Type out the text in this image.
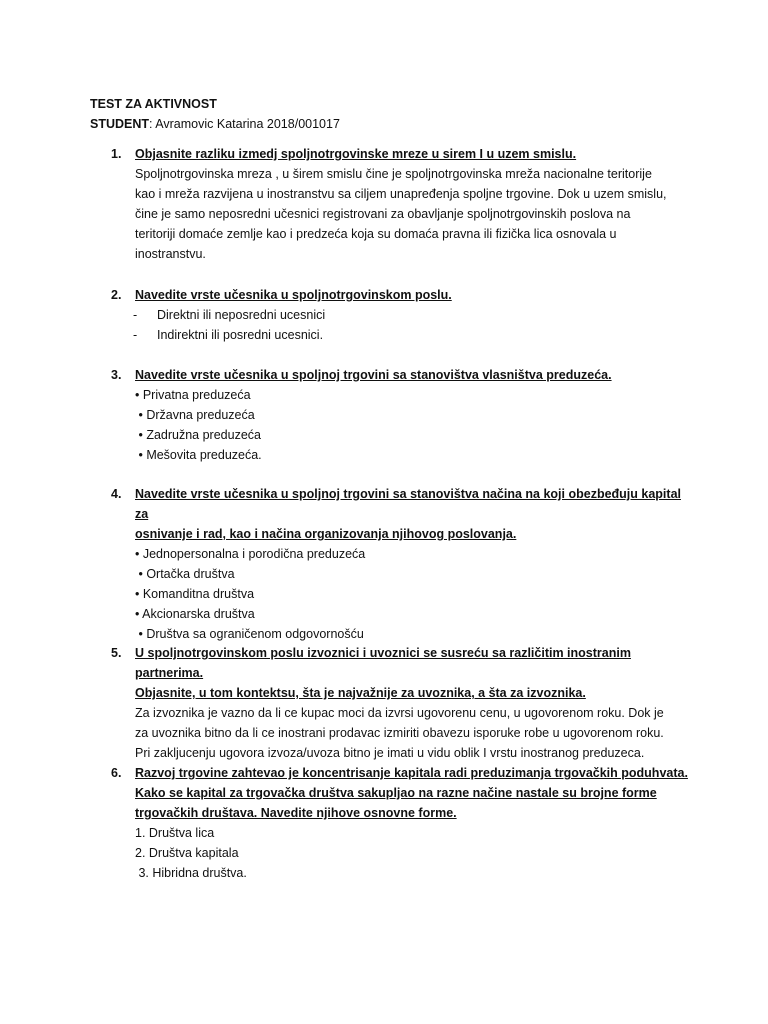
TEST ZA AKTIVNOST
STUDENT: Avramovic Katarina 2018/001017
1. Objasnite razliku izmedj spoljnotrgovinske mreze u sirem I u uzem smislu.
Spoljnotrgovinska mreza , u širem smislu čine je spoljnotrgovinska mreža nacionalne teritorije
kao i mreža razvijena u inostranstvu sa ciljem unapređenja spoljne trgovine. Dok u uzem smislu,
čine je samo neposredni učesnici registrovani za obavljanje spoljnotrgovinskih poslova na
teritoriji domaće zemlje kao i predzeća koja su domaća pravna ili fizička lica osnovala u
inostranstvu.
2. Navedite vrste učesnika u spoljnotrgovinskom poslu.
-	Direktni ili neposredni ucesnici
-	Indirektni ili posredni ucesnici.
3. Navedite vrste učesnika u spoljnoj trgovini sa stanovištva vlasništva preduzeća.
• Privatna preduzeća
• Državna preduzeća
• Zadružna preduzeća
• Mešovita preduzeća.
4. Navedite vrste učesnika u spoljnoj trgovini sa stanovištva načina na koji obezbeđuju kapital za
osnivanje i rad, kao i načina organizovanja njihovog poslovanja.
• Jednopersonalna i porodična preduzeća
• Ortačka društva
• Komanditna društva
• Akcionarska društva
• Društva sa ograničenom odgovornošću
5. U spoljnotrgovinskom poslu izvoznici i uvoznici se susreću sa različitim inostranim partnerima.
Objasnite, u tom kontektsu, šta je najvažnije za uvoznika, a šta za izvoznika.
Za izvoznika je vazno da li ce kupac moci da izvrsi ugovorenu cenu, u ugovorenom roku. Dok je
za uvoznika bitno da li ce inostrani prodavac izmiriti obavezu isporuke robe u ugovorenom roku.
Pri zakljucenju ugovora izvoza/uvoza bitno je imati u vidu oblik I vrstu inostranog preduzeca.
6. Razvoj trgovine zahtevao je koncentrisanje kapitala radi preduzimanja trgovačkih poduhvata.
Kako se kapital za trgovačka društva sakupljao na razne načine nastale su brojne forme
trgovačkih društava. Navedite njihove osnovne forme.
1. Društva lica
2. Društva kapitala
3. Hibridna društva.
